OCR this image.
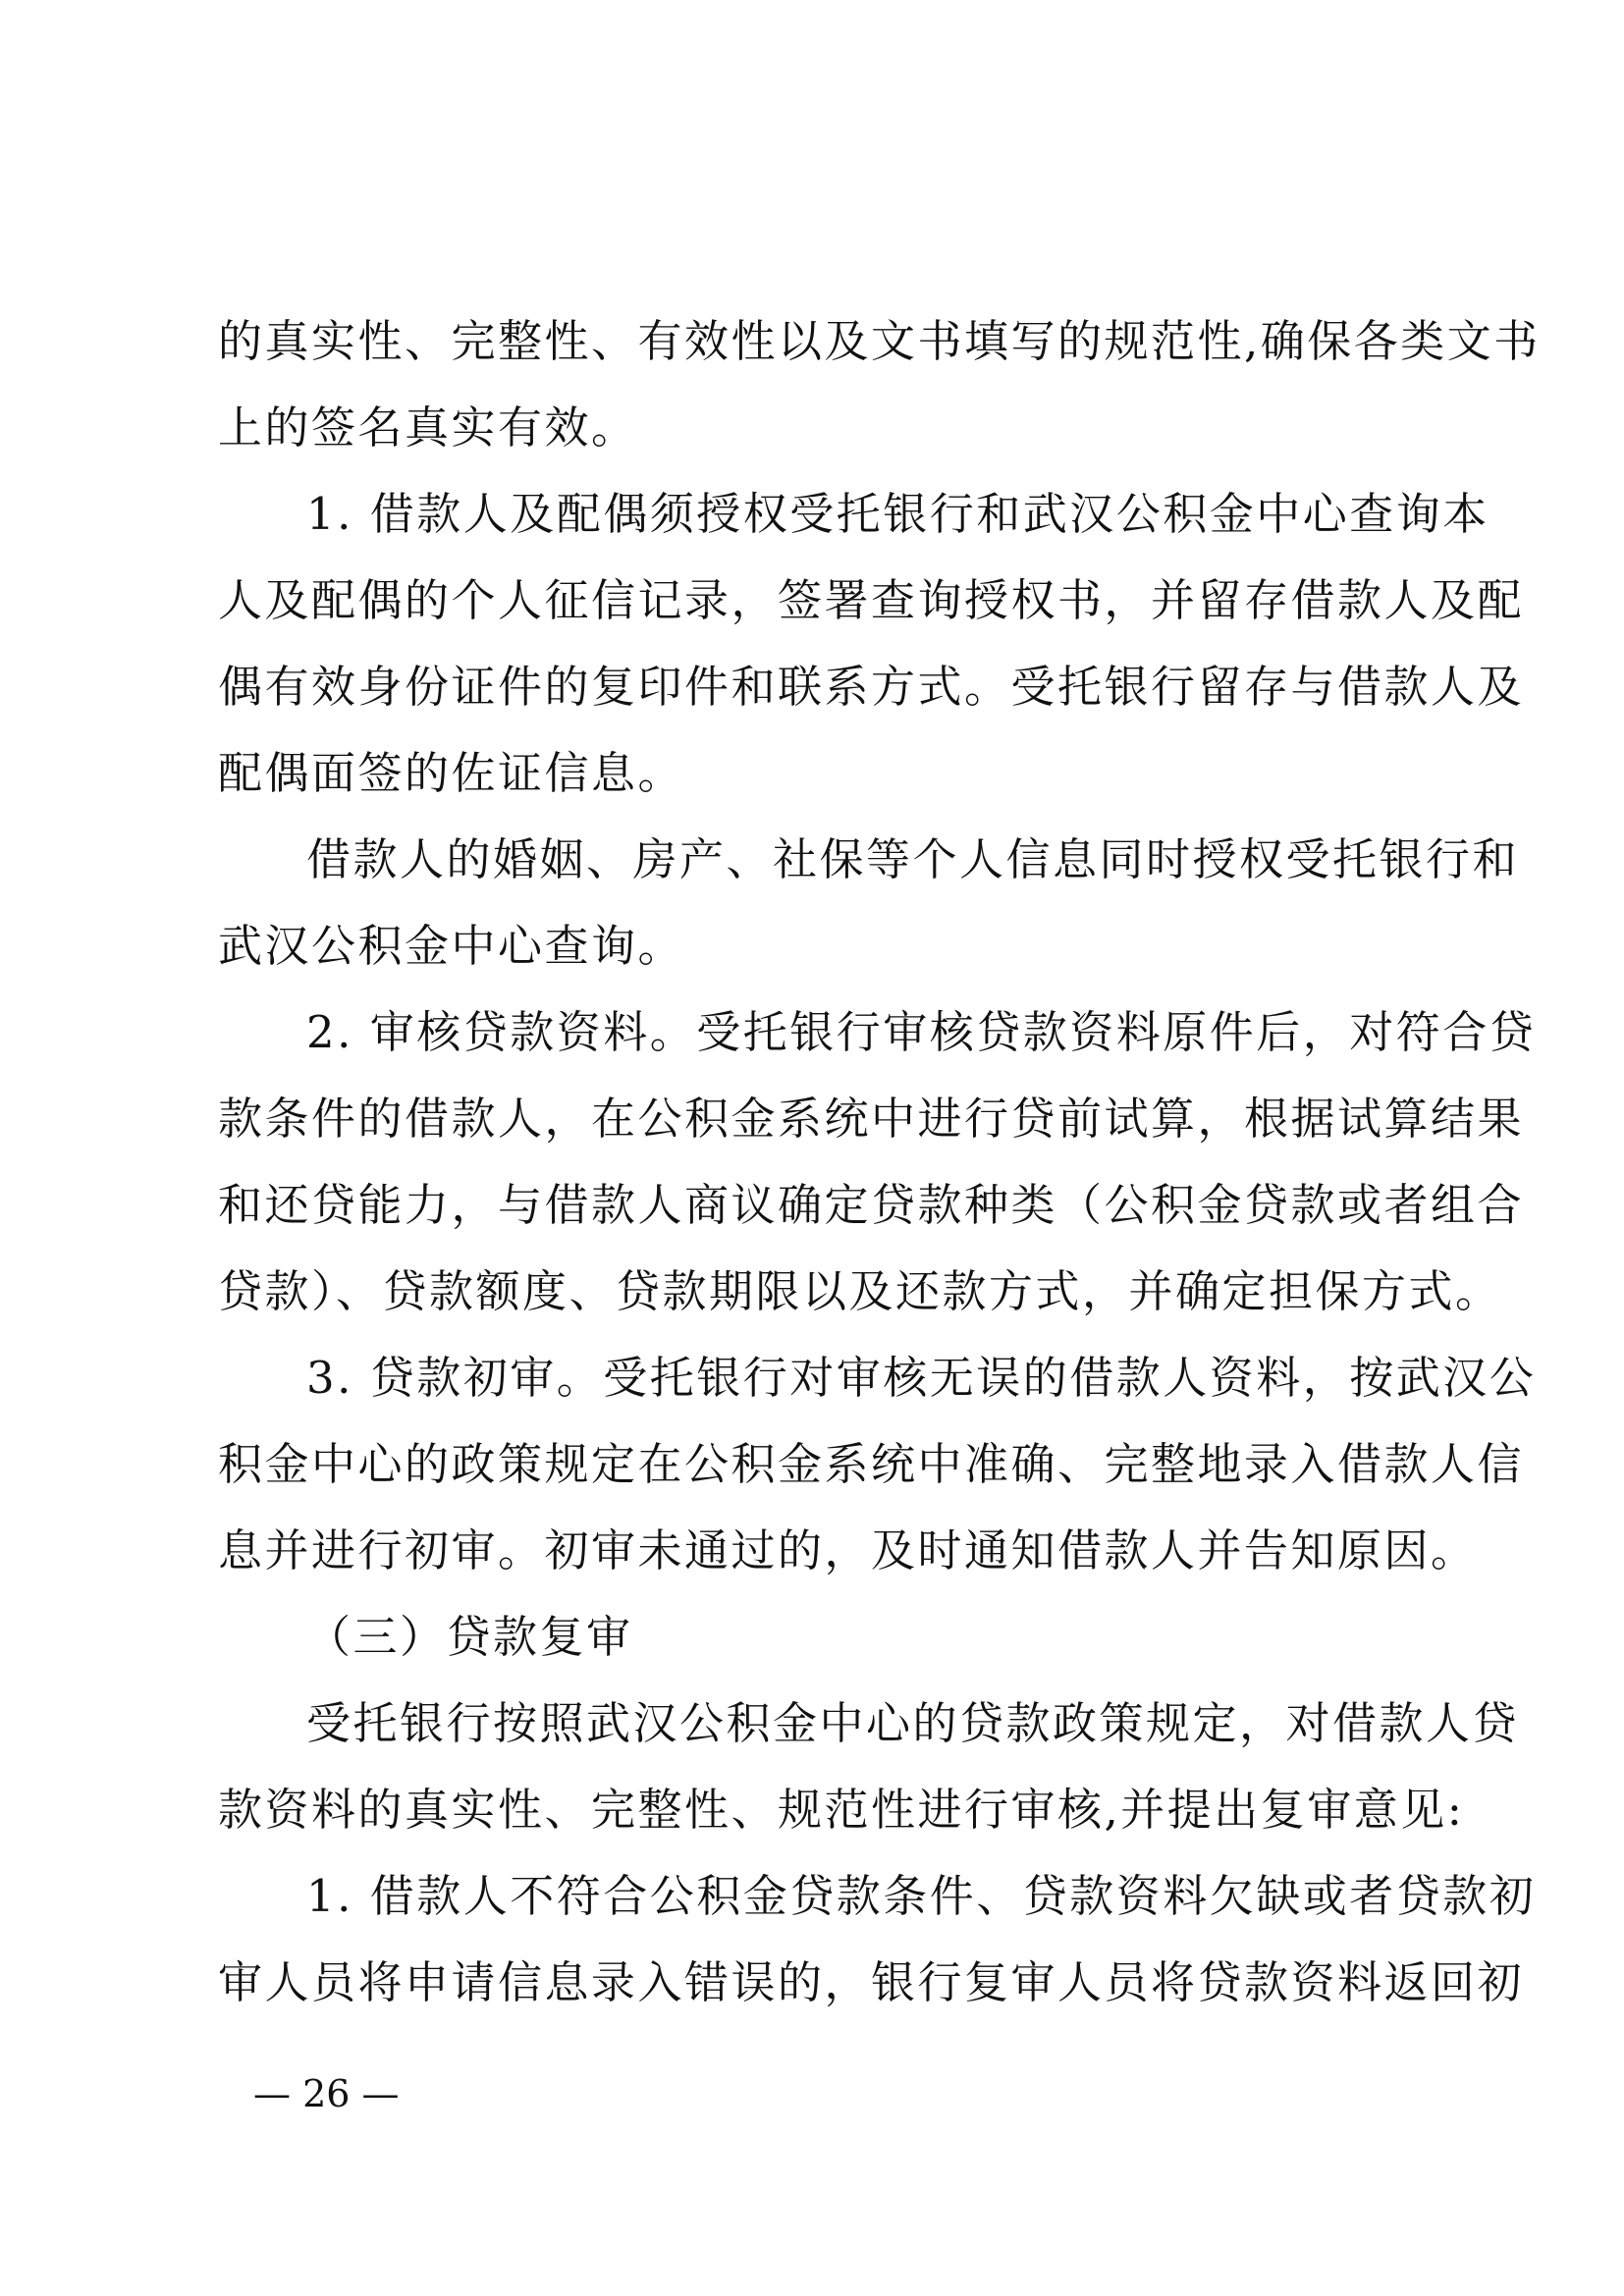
的真实性、完整性、有效性以及文书填写的规范性,确保各类文书
上的签名真实有效。
1. 借款人及配偶须授权受托银行和武汉公积金中心查询本
人及配偶的个人征信记录，签署查询授权书，并留存借款人及配
偶有效身份证件的复印件和联系方式。受托银行留存与借款人及
配偶面签的佐证信息。
借款人的婚姻、房产、社保等个人信息同时授权受托银行和
武汉公积金中心查询。
2. 审核贷款资料。受托银行审核贷款资料原件后，对符合贷
款条件的借款人，在公积金系统中进行贷前试算，根据试算结果
和还贷能力，与借款人商议确定贷款种类（公积金贷款或者组合
贷款）、贷款额度、贷款期限以及还款方式，并确定担保方式。
3. 贷款初审。受托银行对审核无误的借款人资料，按武汉公
积金中心的政策规定在公积金系统中准确、完整地录入借款人信
息并进行初审。初审未通过的，及时通知借款人并告知原因。
（三）贷款复审
受托银行按照武汉公积金中心的贷款政策规定，对借款人贷
款资料的真实性、完整性、规范性进行审核,并提出复审意见:
1. 借款人不符合公积金贷款条件、贷款资料欠缺或者贷款初
审人员将申请信息录入错误的，银行复审人员将贷款资料返回初
— 26 —
